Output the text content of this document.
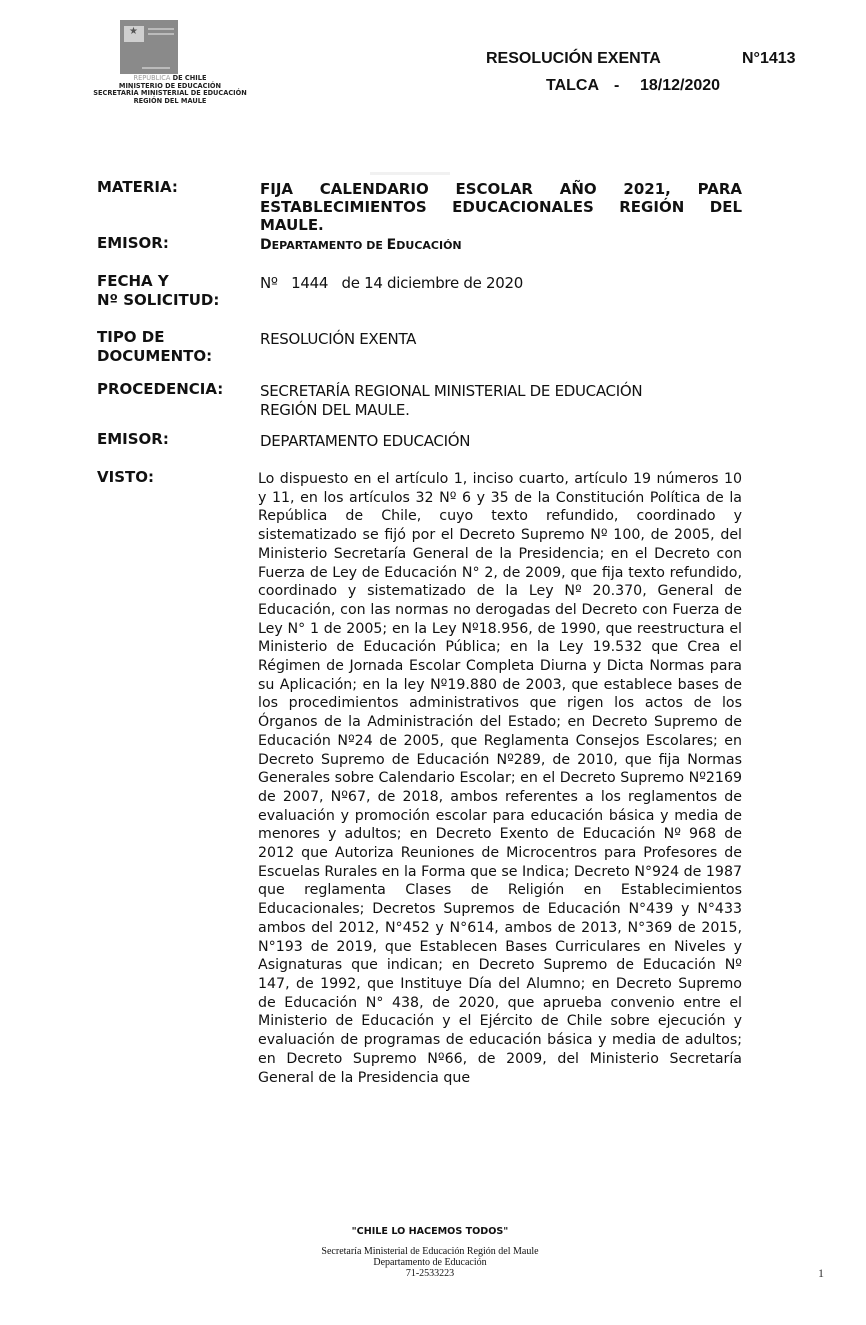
★
REPÚBLICA DE CHILE
MINISTERIO DE EDUCACIÓN
SECRETARÍA MINISTERIAL DE EDUCACIÓN
REGIÓN DEL MAULE
RESOLUCIÓN EXENTA	N°1413
TALCA - 18/12/2020
MATERIA:	FIJA CALENDARIO ESCOLAR AÑO 2021, PARA ESTABLECIMIENTOS EDUCACIONALES REGIÓN DEL MAULE.
EMISOR:	DEPARTAMENTO DE EDUCACIÓN
FECHA Y
Nº SOLICITUD:
Nº   1444   de 14 diciembre de 2020
TIPO DE
DOCUMENTO:
RESOLUCIÓN EXENTA
PROCEDENCIA: SECRETARÍA REGIONAL MINISTERIAL DE EDUCACIÓN
REGIÓN DEL MAULE.
EMISOR:	DEPARTAMENTO EDUCACIÓN
VISTO:	Lo dispuesto en el artículo 1, inciso cuarto, artículo 19 números 10 y 11, en los artículos 32 Nº 6 y 35 de la Constitución Política de la República de Chile, cuyo texto refundido, coordinado y sistematizado se fijó por el Decreto Supremo Nº 100, de 2005, del Ministerio Secretaría General de la Presidencia; en el Decreto con Fuerza de Ley de Educación N° 2, de 2009, que fija texto refundido, coordinado y sistematizado de la Ley Nº 20.370, General de Educación, con las normas no derogadas del Decreto con Fuerza de Ley N° 1 de 2005; en la Ley Nº18.956, de 1990, que reestructura el Ministerio de Educación Pública; en la Ley 19.532 que Crea el Régimen de Jornada Escolar Completa Diurna y Dicta Normas para su Aplicación; en la ley Nº19.880 de 2003, que establece bases de los procedimientos administrativos que rigen los actos de los Órganos de la Administración del Estado; en Decreto Supremo de Educación Nº24 de 2005, que Reglamenta Consejos Escolares; en Decreto Supremo de Educación Nº289, de 2010, que fija Normas Generales sobre Calendario Escolar; en el Decreto Supremo Nº2169 de 2007, Nº67, de 2018, ambos referentes a los reglamentos de evaluación y promoción escolar para educación básica y media de menores y adultos; en Decreto Exento de Educación Nº 968 de 2012 que Autoriza Reuniones de Microcentros para Profesores de Escuelas Rurales en la Forma que se Indica; Decreto N°924 de 1987 que reglamenta Clases de Religión en Establecimientos Educacionales; Decretos Supremos de Educación N°439 y N°433 ambos del 2012, N°452 y N°614, ambos de 2013, N°369 de 2015, N°193 de 2019, que Establecen Bases Curriculares en Niveles y Asignaturas que indican; en Decreto Supremo de Educación Nº 147, de 1992, que Instituye Día del Alumno; en Decreto Supremo de Educación N° 438, de 2020, que aprueba convenio entre el Ministerio de Educación y el Ejército de Chile sobre ejecución y evaluación de programas de educación básica y media de adultos; en Decreto Supremo Nº66, de 2009, del Ministerio Secretaría General de la Presidencia que
"CHILE LO HACEMOS TODOS"
Secretaría Ministerial de Educación Región del Maule
Departamento de Educación
71-2533223	1
